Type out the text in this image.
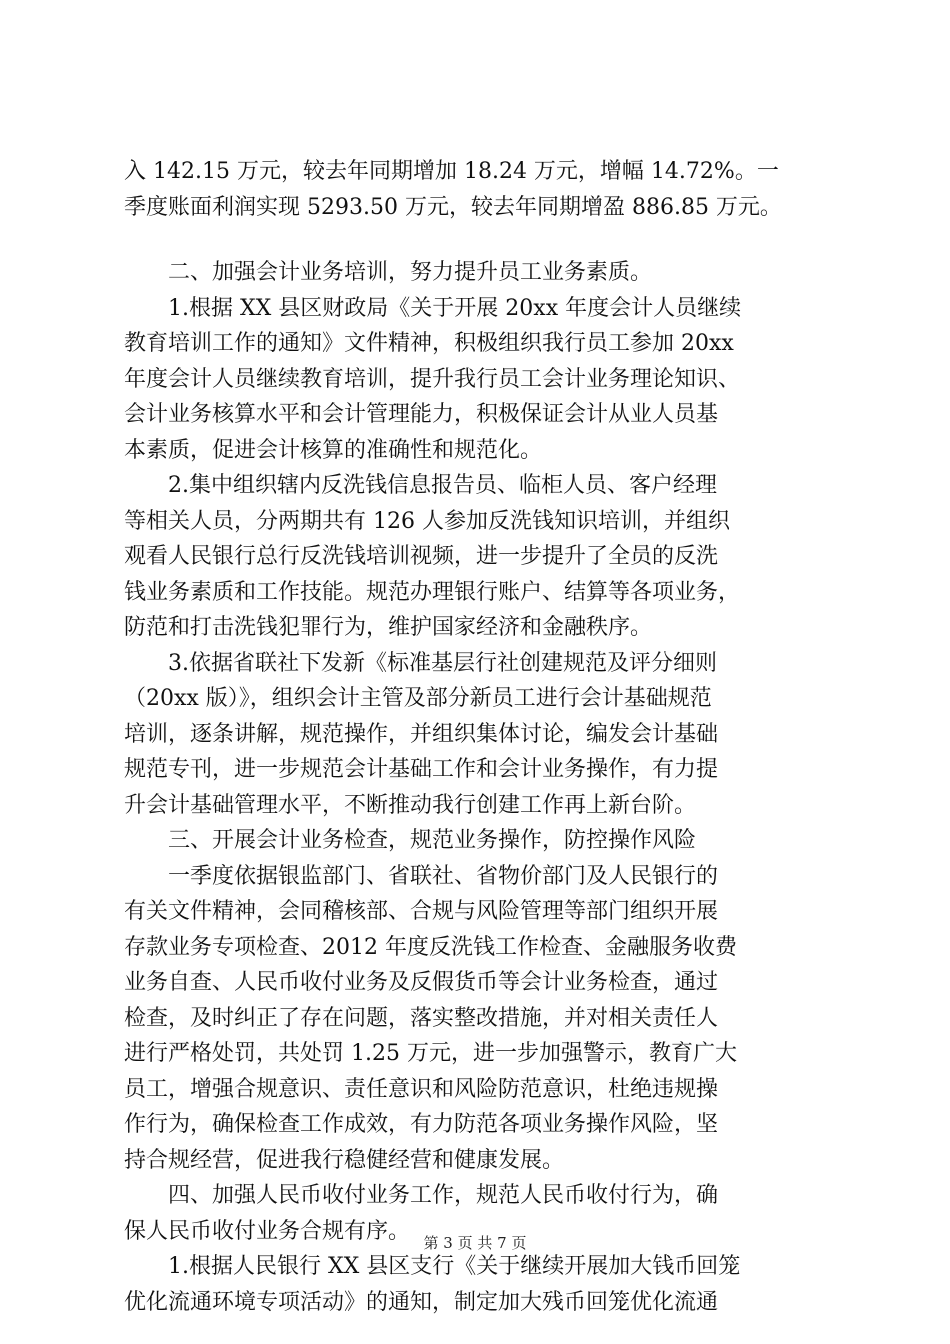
入 142.15 万元，较去年同期增加 18.24 万元，增幅 14.72%。一
季度账面利润实现 5293.50 万元，较去年同期增盈 886.85 万元。
　　二、加强会计业务培训，努力提升员工业务素质。
　　1.根据 XX 县区财政局《关于开展 20xx 年度会计人员继续
教育培训工作的通知》文件精神，积极组织我行员工参加 20xx
年度会计人员继续教育培训，提升我行员工会计业务理论知识、
会计业务核算水平和会计管理能力，积极保证会计从业人员基
本素质，促进会计核算的准确性和规范化。
　　2.集中组织辖内反洗钱信息报告员、临柜人员、客户经理
等相关人员，分两期共有 126 人参加反洗钱知识培训，并组织
观看人民银行总行反洗钱培训视频，进一步提升了全员的反洗
钱业务素质和工作技能。规范办理银行账户、结算等各项业务，
防范和打击洗钱犯罪行为，维护国家经济和金融秩序。
　　3.依据省联社下发新《标准基层行社创建规范及评分细则
（20xx 版）》，组织会计主管及部分新员工进行会计基础规范
培训，逐条讲解，规范操作，并组织集体讨论，编发会计基础
规范专刊，进一步规范会计基础工作和会计业务操作，有力提
升会计基础管理水平，不断推动我行创建工作再上新台阶。
　　三、开展会计业务检查，规范业务操作，防控操作风险
　　一季度依据银监部门、省联社、省物价部门及人民银行的
有关文件精神，会同稽核部、合规与风险管理等部门组织开展
存款业务专项检查、2012 年度反洗钱工作检查、金融服务收费
业务自查、人民币收付业务及反假货币等会计业务检查，通过
检查，及时纠正了存在问题，落实整改措施，并对相关责任人
进行严格处罚，共处罚 1.25 万元，进一步加强警示，教育广大
员工，增强合规意识、责任意识和风险防范意识，杜绝违规操
作行为，确保检查工作成效，有力防范各项业务操作风险，坚
持合规经营，促进我行稳健经营和健康发展。
　　四、加强人民币收付业务工作，规范人民币收付行为，确
保人民币收付业务合规有序。
　　1.根据人民银行 XX 县区支行《关于继续开展加大钱币回笼
优化流通环境专项活动》的通知，制定加大残币回笼优化流通
第 3 页 共 7 页
